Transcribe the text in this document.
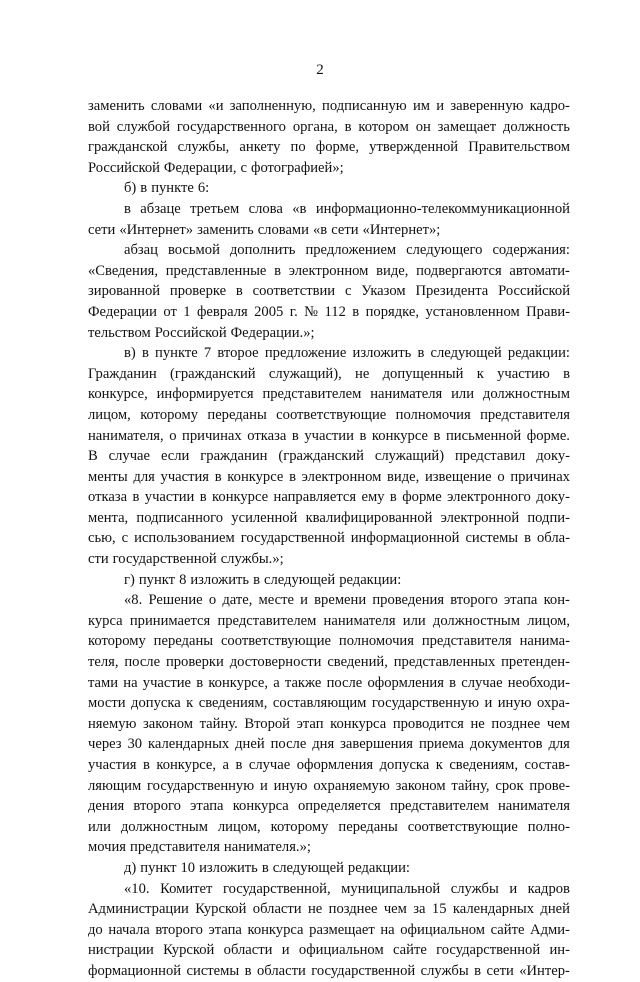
2
заменить словами «и заполненную, подписанную им и заверенную кадро-
вой службой государственного органа, в котором он замещает должность
гражданской службы, анкету по форме, утвержденной Правительством
Российской Федерации, с фотографией»;
б) в пункте 6:
в абзаце третьем слова «в информационно-телекоммуникационной
сети «Интернет» заменить словами «в сети «Интернет»;
абзац восьмой дополнить предложением следующего содержания:
«Сведения, представленные в электронном виде, подвергаются автомати-
зированной проверке в соответствии с Указом Президента Российской
Федерации от 1 февраля 2005 г. № 112 в порядке, установленном Прави-
тельством Российской Федерации.»;
в) в пункте 7 второе предложение изложить в следующей редакции:
Гражданин (гражданский служащий), не допущенный к участию в
конкурсе, информируется представителем нанимателя или должностным
лицом, которому переданы соответствующие полномочия представителя
нанимателя, о причинах отказа в участии в конкурсе в письменной форме.
В случае если гражданин (гражданский служащий) представил доку-
менты для участия в конкурсе в электронном виде, извещение о причинах
отказа в участии в конкурсе направляется ему в форме электронного доку-
мента, подписанного усиленной квалифицированной электронной подпи-
сью, с использованием государственной информационной системы в обла-
сти государственной службы.»;
г) пункт 8 изложить в следующей редакции:
«8. Решение о дате, месте и времени проведения второго этапа кон-
курса принимается представителем нанимателя или должностным лицом,
которому переданы соответствующие полномочия представителя нанима-
теля, после проверки достоверности сведений, представленных претенден-
тами на участие в конкурсе, а также после оформления в случае необходи-
мости допуска к сведениям, составляющим государственную и иную охра-
няемую законом тайну. Второй этап конкурса проводится не позднее чем
через 30 календарных дней после дня завершения приема документов для
участия в конкурсе, а в случае оформления допуска к сведениям, состав-
ляющим государственную и иную охраняемую законом тайну, срок прове-
дения второго этапа конкурса определяется представителем нанимателя
или должностным лицом, которому переданы соответствующие полно-
мочия представителя нанимателя.»;
д) пункт 10 изложить в следующей редакции:
«10. Комитет государственной, муниципальной службы и кадров
Администрации Курской области не позднее чем за 15 календарных дней
до начала второго этапа конкурса размещает на официальном сайте Адми-
нистрации Курской области и официальном сайте государственной ин-
формационной системы в области государственной службы в сети «Интер-
